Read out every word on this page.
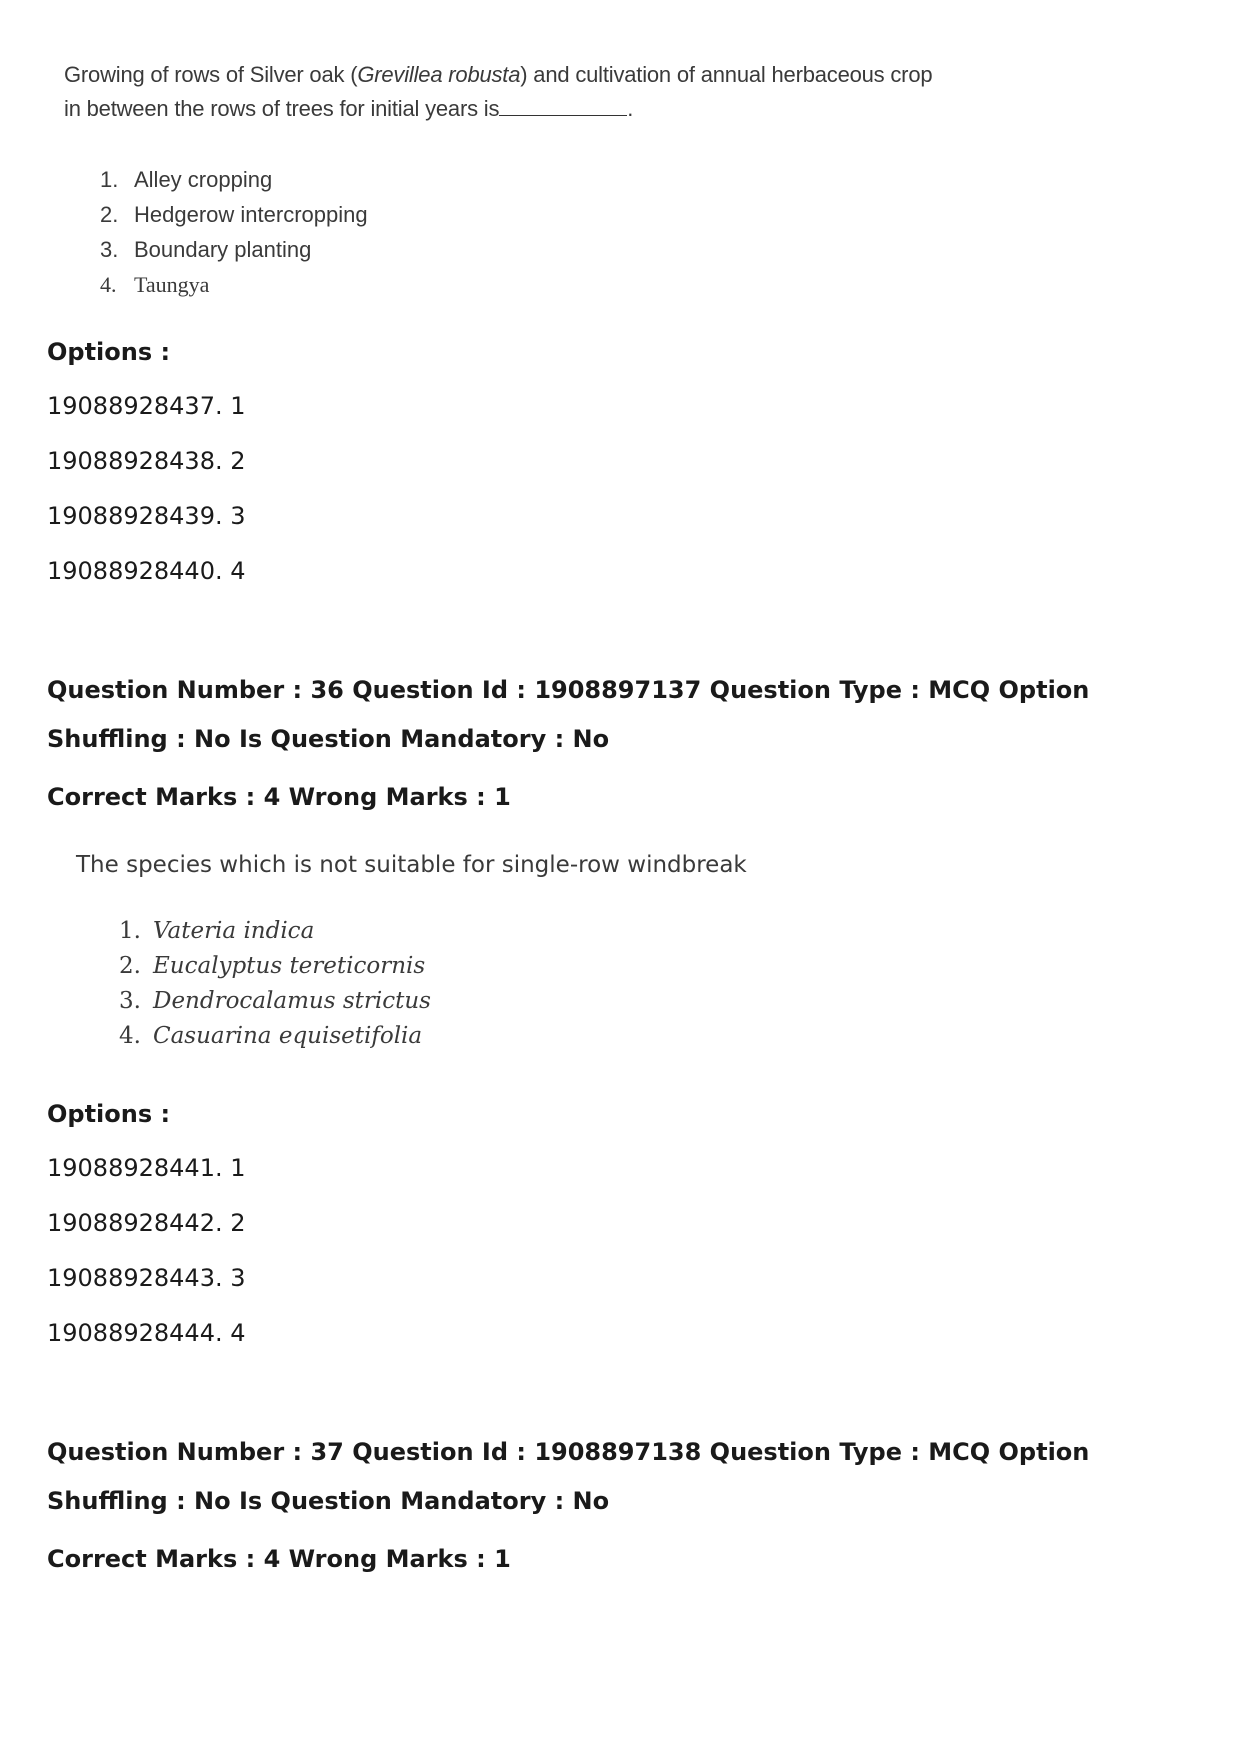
Growing of rows of Silver oak (Grevillea robusta) and cultivation of annual herbaceous crop
in between the rows of trees for initial years is	.

1. Alley cropping
2. Hedgerow intercropping
3. Boundary planting
4. Taungya
Options :
19088928437. 1
19088928438. 2
19088928439. 3
19088928440. 4
Question Number : 36 Question Id : 1908897137 Question Type : MCQ Option Shuffling : No Is Question Mandatory : No
Correct Marks : 4 Wrong Marks : 1

The species which is not suitable for single-row windbreak

1. Vateria indica
2. Eucalyptus tereticornis
3. Dendrocalamus strictus
4. Casuarina equisetifolia
Options :
19088928441. 1
19088928442. 2
19088928443. 3
19088928444. 4
Question Number : 37 Question Id : 1908897138 Question Type : MCQ Option Shuffling : No Is Question Mandatory : No
Correct Marks : 4 Wrong Marks : 1
